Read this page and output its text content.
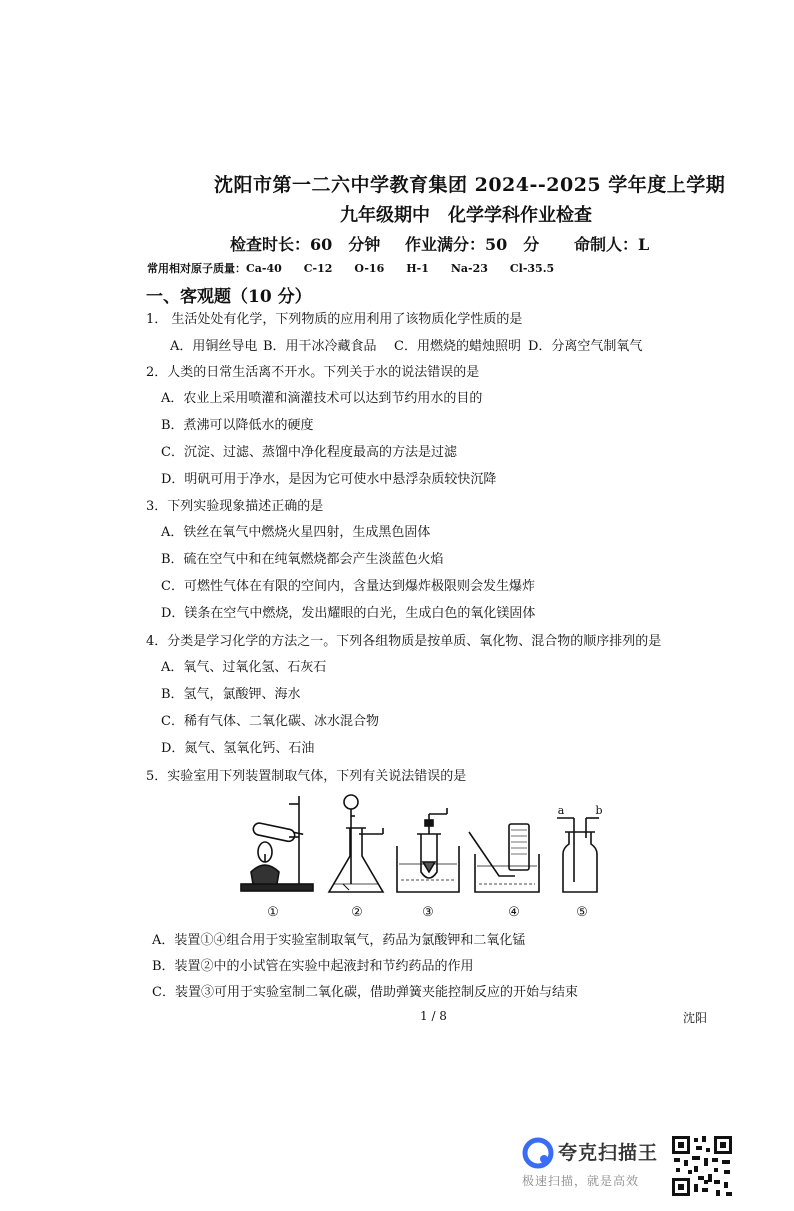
沈阳市第一二六中学教育集团 2024--2025 学年度上学期
九年级期中　化学学科作业检查
检查时长：60　分钟 作业满分：50　分 命制人：L
常用相对原子质量：Ca-40　　C-12　　O-16　　H-1　　Na-23　　Cl-35.5
一、客观题（10 分）
1． 生活处处有化学，下列物质的应用利用了该物质化学性质的是
A．用铜丝导电 B．用干冰冷藏食品 C．用燃烧的蜡烛照明 D．分离空气制氧气
2．人类的日常生活离不开水。下列关于水的说法错误的是
A．农业上采用喷灌和滴灌技术可以达到节约用水的目的
B．煮沸可以降低水的硬度
C．沉淀、过滤、蒸馏中净化程度最高的方法是过滤
D．明矾可用于净水，是因为它可使水中悬浮杂质较快沉降
3．下列实验现象描述正确的是
A．铁丝在氧气中燃烧火星四射，生成黑色固体
B．硫在空气中和在纯氧燃烧都会产生淡蓝色火焰
C．可燃性气体在有限的空间内，含量达到爆炸极限则会发生爆炸
D．镁条在空气中燃烧，发出耀眼的白光，生成白色的氧化镁固体
4．分类是学习化学的方法之一。下列各组物质是按单质、氧化物、混合物的顺序排列的是
A．氧气、过氧化氢、石灰石
B．氢气，氯酸钾、海水
C．稀有气体、二氧化碳、冰水混合物
D．氮气、氢氧化钙、石油
5．实验室用下列装置制取气体，下列有关说法错误的是
①	②	③	④	⑤
a	b
A．装置①④组合用于实验室制取氧气，药品为氯酸钾和二氧化锰
B．装置②中的小试管在实验中起液封和节约药品的作用
C．装置③可用于实验室制二氧化碳，借助弹簧夹能控制反应的开始与结束
1 / 8	沈阳
夸克扫描王
极速扫描，就是高效
